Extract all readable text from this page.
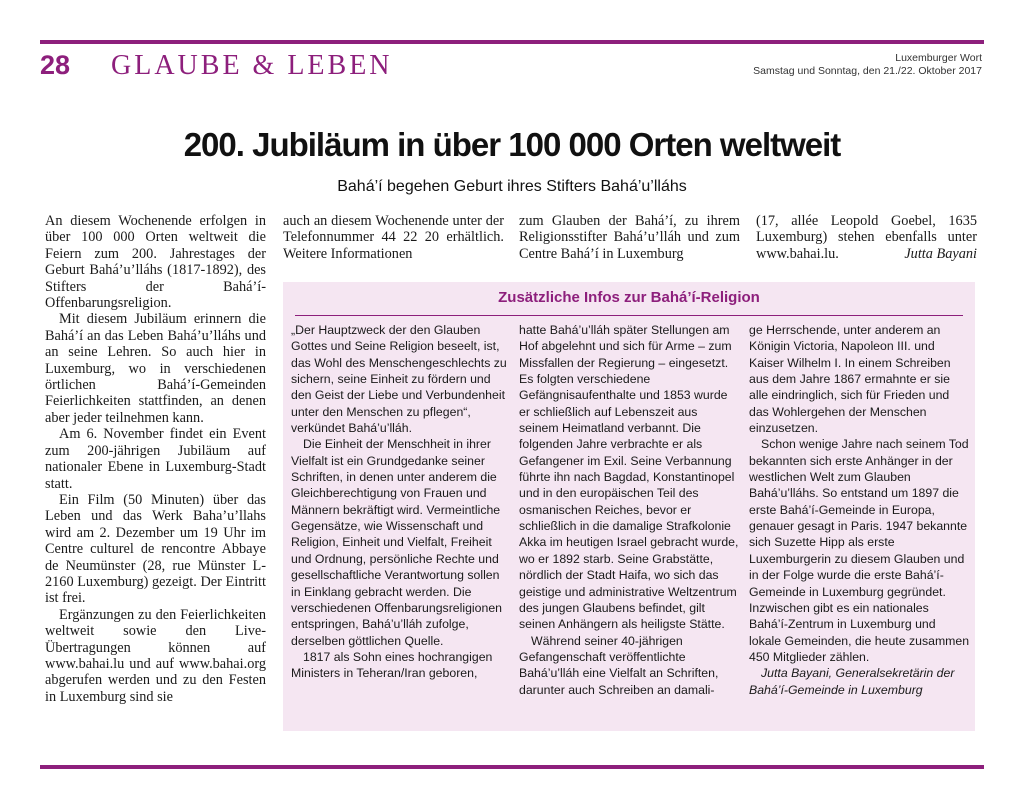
28 GLAUBE & LEBEN	Luxemburger Wort
Samstag und Sonntag, den 21./22. Oktober 2017
200. Jubiläum in über 100 000 Orten weltweit
Bahá’í begehen Geburt ihres Stifters Bahá’u’lláhs

An diesem Wochenende erfolgen in über 100 000 Orten weltweit die Feiern zum 200. Jahrestages der Geburt Bahá’u’lláhs (1817-1892), des Stifters der Bahá’í-Offenbarungsreligion.

Mit diesem Jubiläum erinnern die Bahá’í an das Leben Bahá’u’lláhs und an seine Lehren. So auch hier in Luxemburg, wo in verschiedenen örtlichen Bahá’í-Gemeinden Feierlichkeiten stattfinden, an denen aber jeder teilnehmen kann.

Am 6. November findet ein Event zum 200-jährigen Jubiläum auf nationaler Ebene in Luxemburg-Stadt statt.

Ein Film (50 Minuten) über das Leben und das Werk Baha’u’llahs wird am 2. Dezember um 19 Uhr im Centre culturel de rencontre Abbaye de Neumünster (28, rue Münster L-2160 Luxemburg) gezeigt. Der Eintritt ist frei.

Ergänzungen zu den Feierlichkeiten weltweit sowie den Live-Übertragungen können auf www.bahai.lu und auf www.bahai.org abgerufen werden und zu den Festen in Luxemburg sind sie

auch an diesem Wochenende unter der Telefonnummer 44 22 20 erhältlich. Weitere Informationen

zum Glauben der Bahá’í, zu ihrem Religionsstifter Bahá’u’lláh und zum Centre Bahá’í in Luxemburg

(17, allée Leopold Goebel, 1635 Luxemburg) stehen ebenfalls unter www.bahai.lu.	Jutta Bayani

Zusätzliche Infos zur Bahá’í-Religion

„Der Hauptzweck der den Glauben Gottes und Seine Religion beseelt, ist, das Wohl des Menschengeschlechts zu sichern, seine Einheit zu fördern und den Geist der Liebe und Verbundenheit unter den Menschen zu pflegen“, verkündet Bahá’u’lláh.

Die Einheit der Menschheit in ihrer Vielfalt ist ein Grundgedanke seiner Schriften, in denen unter anderem die Gleichberechtigung von Frauen und Männern bekräftigt wird. Vermeintliche Gegensätze, wie Wissenschaft und Religion, Einheit und Vielfalt, Freiheit und Ordnung, persönliche Rechte und gesellschaftliche Verantwortung sollen in Einklang gebracht werden. Die verschiedenen Offenbarungsreligionen entspringen, Bahá’u’lláh zufolge, derselben göttlichen Quelle.

1817 als Sohn eines hochrangigen Ministers in Teheran/Iran geboren,

hatte Bahá’u’lláh später Stellungen am Hof abgelehnt und sich für Arme – zum Missfallen der Regierung – eingesetzt. Es folgten verschiedene Gefängnisaufenthalte und 1853 wurde er schließlich auf Lebenszeit aus seinem Heimatland verbannt. Die folgenden Jahre verbrachte er als Gefangener im Exil. Seine Verbannung führte ihn nach Bagdad, Konstantinopel und in den europäischen Teil des osmanischen Reiches, bevor er schließlich in die damalige Strafkolonie Akka im heutigen Israel gebracht wurde, wo er 1892 starb. Seine Grabstätte, nördlich der Stadt Haifa, wo sich das geistige und administrative Weltzentrum des jungen Glaubens befindet, gilt seinen Anhängern als heiligste Stätte.

Während seiner 40-jährigen Gefangenschaft veröffentlichte Bahá’u’lláh eine Vielfalt an Schriften, darunter auch Schreiben an damali-

ge Herrschende, unter anderem an Königin Victoria, Napoleon III. und Kaiser Wilhelm I. In einem Schreiben aus dem Jahre 1867 ermahnte er sie alle eindringlich, sich für Frieden und das Wohlergehen der Menschen einzusetzen.

Schon wenige Jahre nach seinem Tod bekannten sich erste Anhänger in der westlichen Welt zum Glauben Bahá’u’lláhs. So entstand um 1897 die erste Bahá’í-Gemeinde in Europa, genauer gesagt in Paris. 1947 bekannte sich Suzette Hipp als erste Luxemburgerin zu diesem Glauben und in der Folge wurde die erste Bahá’í-Gemeinde in Luxemburg gegründet. Inzwischen gibt es ein nationales Bahá’í-Zentrum in Luxemburg und lokale Gemeinden, die heute zusammen 450 Mitglieder zählen.

Jutta Bayani, Generalsekretärin der Bahá’í-Gemeinde in Luxemburg
